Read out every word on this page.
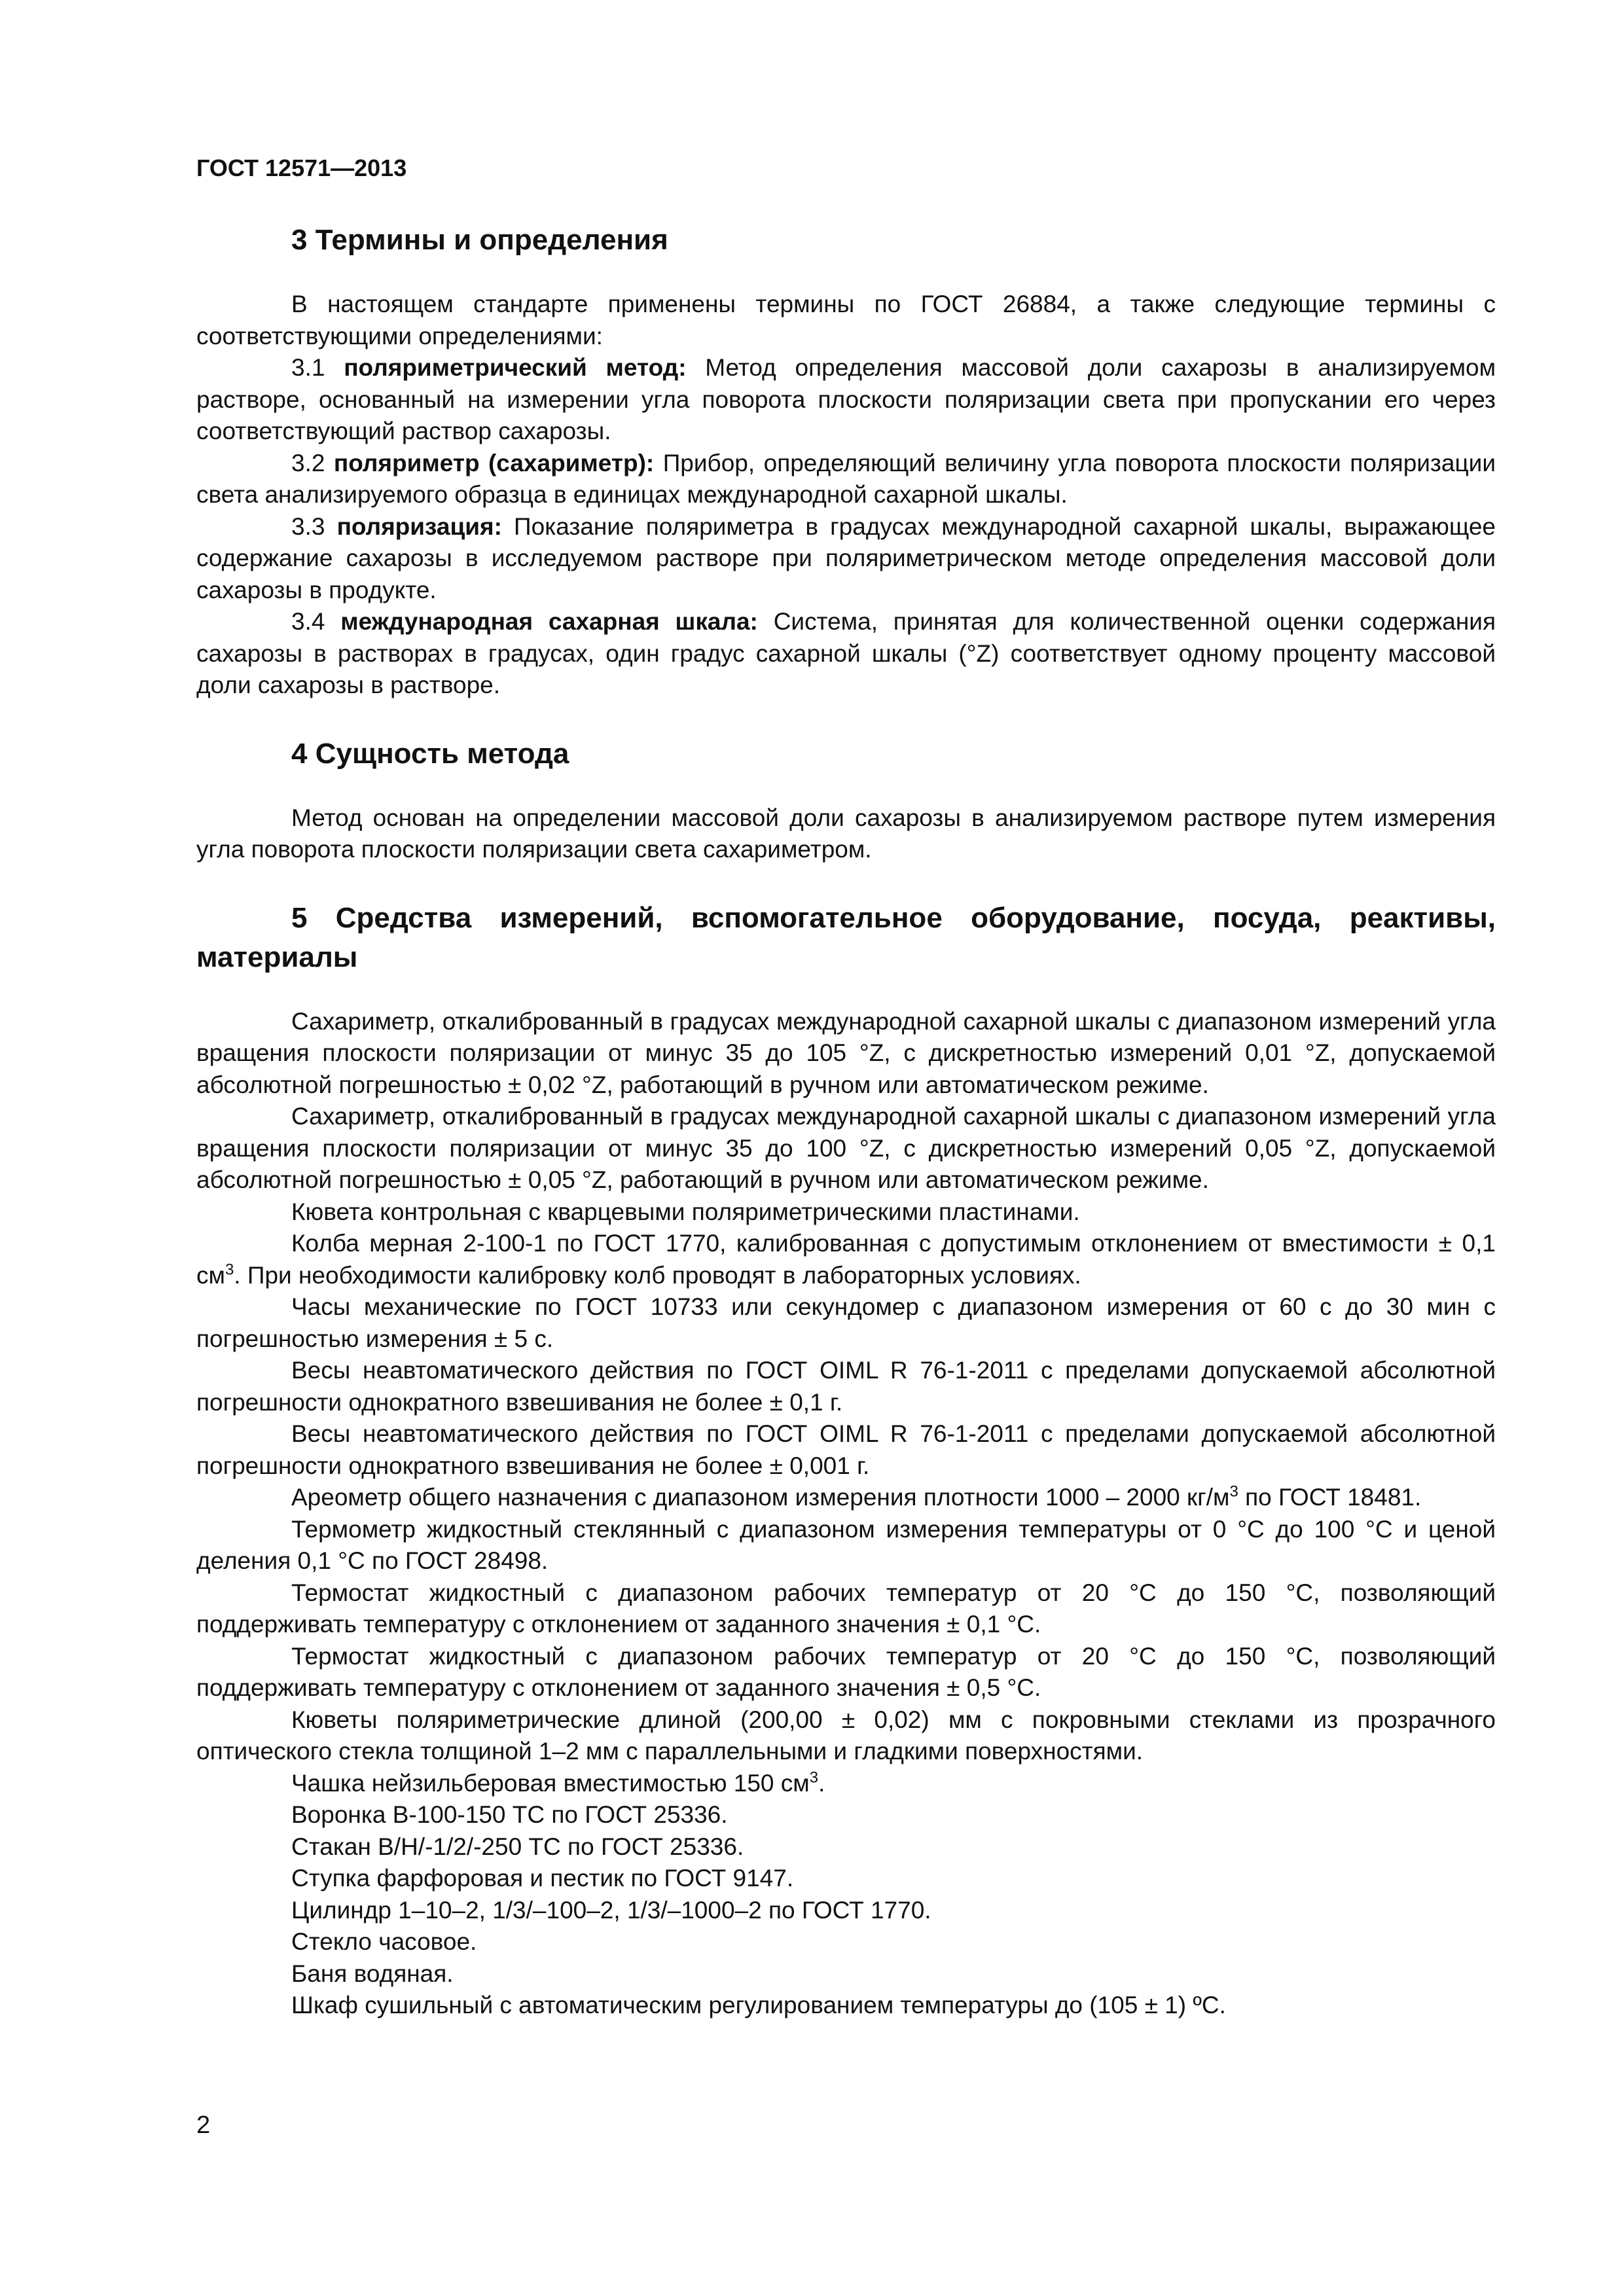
ГОСТ 12571—2013
3 Термины и определения

В настоящем стандарте применены термины по ГОСТ 26884, а также следующие термины с соответствующими определениями:

3.1 поляриметрический метод: Метод определения массовой доли сахарозы в анализируемом растворе, основанный на измерении угла поворота плоскости поляризации света при пропускании его через соответствующий раствор сахарозы.

3.2 поляриметр (сахариметр): Прибор, определяющий величину угла поворота плоскости поляризации света анализируемого образца в единицах международной сахарной шкалы.

3.3 поляризация: Показание поляриметра в градусах международной сахарной шкалы, выражающее содержание сахарозы в исследуемом растворе при поляриметрическом методе определения массовой доли сахарозы в продукте.

3.4 международная сахарная шкала: Система, принятая для количественной оценки содержания сахарозы в растворах в градусах, один градус сахарной шкалы (°Z) соответствует одному проценту массовой доли сахарозы в растворе.

4 Сущность метода

Метод основан на определении массовой доли сахарозы в анализируемом растворе путем измерения угла поворота плоскости поляризации света сахариметром.

5 Средства измерений, вспомогательное оборудование, посуда, реактивы, материалы

Сахариметр, откалиброванный в градусах международной сахарной шкалы с диапазоном измерений угла вращения плоскости поляризации от минус 35 до 105 °Z, с дискретностью измерений 0,01 °Z, допускаемой абсолютной погрешностью ± 0,02 °Z, работающий в ручном или автоматическом режиме.

Сахариметр, откалиброванный в градусах международной сахарной шкалы с диапазоном измерений угла вращения плоскости поляризации от минус 35 до 100 °Z, с дискретностью измерений 0,05 °Z, допускаемой абсолютной погрешностью ± 0,05 °Z, работающий в ручном или автоматическом режиме.

Кювета контрольная с кварцевыми поляриметрическими пластинами.

Колба мерная 2-100-1 по ГОСТ 1770, калиброванная с допустимым отклонением от вместимости ± 0,1 $см^3$. При необходимости калибровку колб проводят в лабораторных условиях.

Часы механические по ГОСТ 10733 или секундомер с диапазоном измерения от 60 с до 30 мин с погрешностью измерения ± 5 с.

Весы неавтоматического действия по ГОСТ OIML R 76-1-2011 с пределами допускаемой абсолютной погрешности однократного взвешивания не более ± 0,1 г.

Весы неавтоматического действия по ГОСТ OIML R 76-1-2011 с пределами допускаемой абсолютной погрешности однократного взвешивания не более ± 0,001 г.

Ареометр общего назначения с диапазоном измерения плотности 1000 – 2000 $кг/м^3$ по ГОСТ 18481.

Термометр жидкостный стеклянный с диапазоном измерения температуры от 0 °С до 100 °С и ценой деления 0,1 °С по ГОСТ 28498.

Термостат жидкостный с диапазоном рабочих температур от 20 °С до 150 °С, позволяющий поддерживать температуру с отклонением от заданного значения ± 0,1 °С.

Термостат жидкостный с диапазоном рабочих температур от 20 °С до 150 °С, позволяющий поддерживать температуру с отклонением от заданного значения ± 0,5 °С.

Кюветы поляриметрические длиной (200,00 ± 0,02) мм с покровными стеклами из прозрачного оптического стекла толщиной 1–2 мм с параллельными и гладкими поверхностями.

Чашка нейзильберовая вместимостью 150 $см^3$.

Воронка В-100-150 ТС по ГОСТ 25336.

Стакан В/Н/-1/2/-250 ТС по ГОСТ 25336.

Ступка фарфоровая и пестик по ГОСТ 9147.

Цилиндр 1–10–2, 1/3/–100–2, 1/3/–1000–2 по ГОСТ 1770.

Стекло часовое.

Баня водяная.

Шкаф сушильный с автоматическим регулированием температуры до (105 ± 1) ºС.

2
